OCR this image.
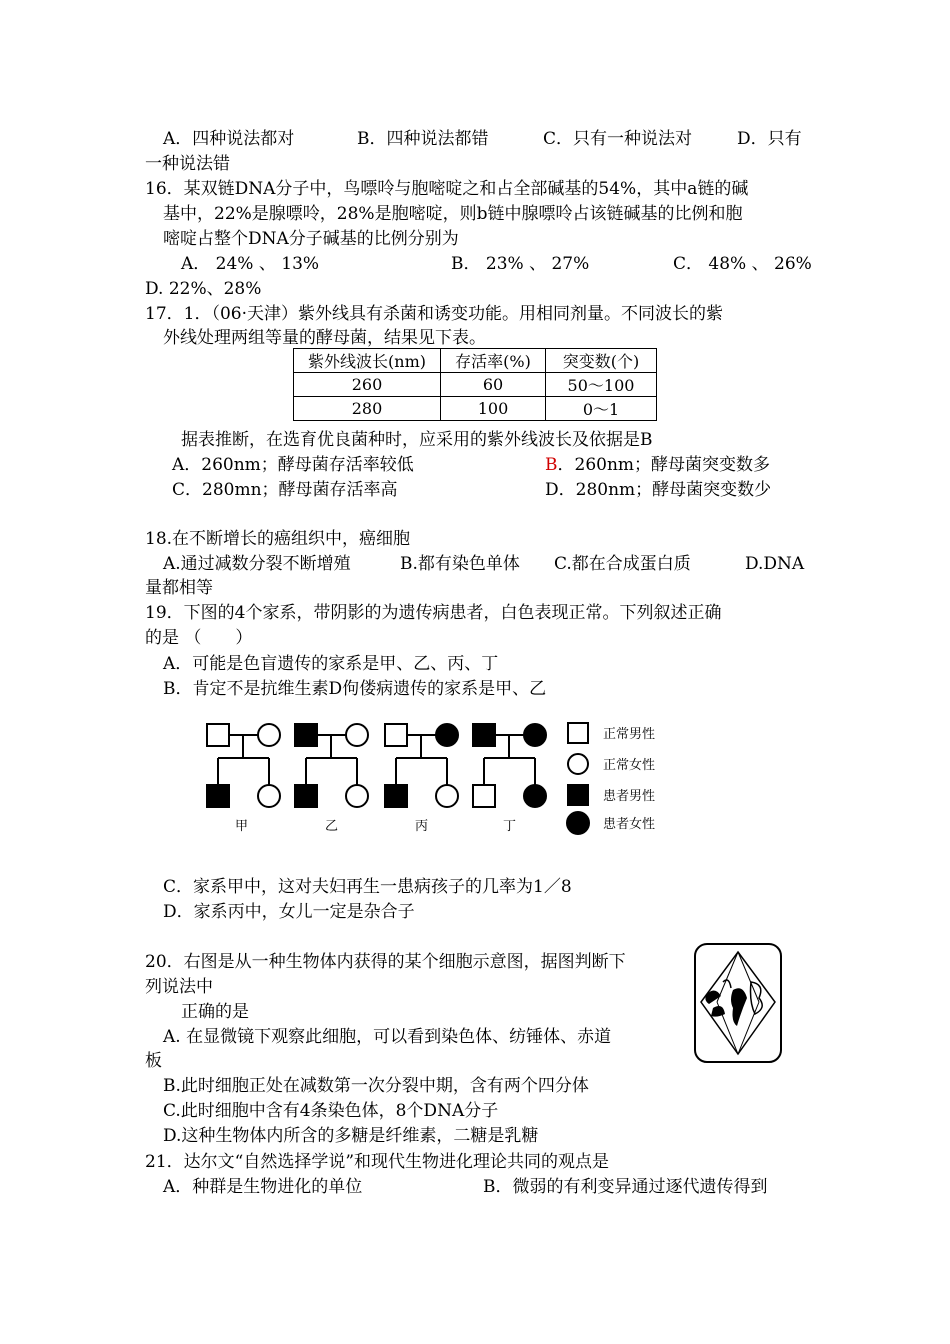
A．四种说法都对	B．四种说法都错	C．只有一种说法对	D．只有
一种说法错
16．某双链DNA分子中，鸟嘌呤与胞嘧啶之和占全部碱基的54%，其中a链的碱
基中，22%是腺嘌呤，28%是胞嘧啶，则b链中腺嘌呤占该链碱基的比例和胞
嘧啶占整个DNA分子碱基的比例分别为
A． 24% 、 13%	B． 23% 、 27%	C． 48% 、 26%
D. 22%、28%
17．1．（06·天津）紫外线具有杀菌和诱变功能。用相同剂量。不同波长的紫
外线处理两组等量的酵母菌，结果见下表。
紫外线波长(nm)	存活率(%)	突变数(个)
260	60	50～100
280	100	0～1
据表推断，在选育优良菌种时，应采用的紫外线波长及依据是B
A．260nm；酵母菌存活率较低	B．260nm；酵母菌突变数多
C．280mn；酵母菌存活率高	D．280nm；酵母菌突变数少
18.在不断增长的癌组织中，癌细胞
A.通过减数分裂不断增殖	B.都有染色单体 C.都在合成蛋白质	D.DNA
量都相等
19．下图的4个家系，带阴影的为遗传病患者，白色表现正常。下列叙述正确
的是 （　　）
A．可能是色盲遗传的家系是甲、乙、丙、丁
B．肯定不是抗维生素D佝偻病遗传的家系是甲、乙
正常男性
正常女性
患者男性
患者女性
甲	乙	丙	丁
C．家系甲中，这对夫妇再生一患病孩子的几率为1／8
D．家系丙中，女儿一定是杂合子
20．右图是从一种生物体内获得的某个细胞示意图，据图判断下
列说法中
正确的是
A. 在显微镜下观察此细胞，可以看到染色体、纺锤体、赤道
板
B.此时细胞正处在减数第一次分裂中期，含有两个四分体
C.此时细胞中含有4条染色体，8个DNA分子
D.这种生物体内所含的多糖是纤维素，二糖是乳糖
21．达尔文“自然选择学说”和现代生物进化理论共同的观点是
A．种群是生物进化的单位	B．微弱的有利变异通过逐代遗传得到
